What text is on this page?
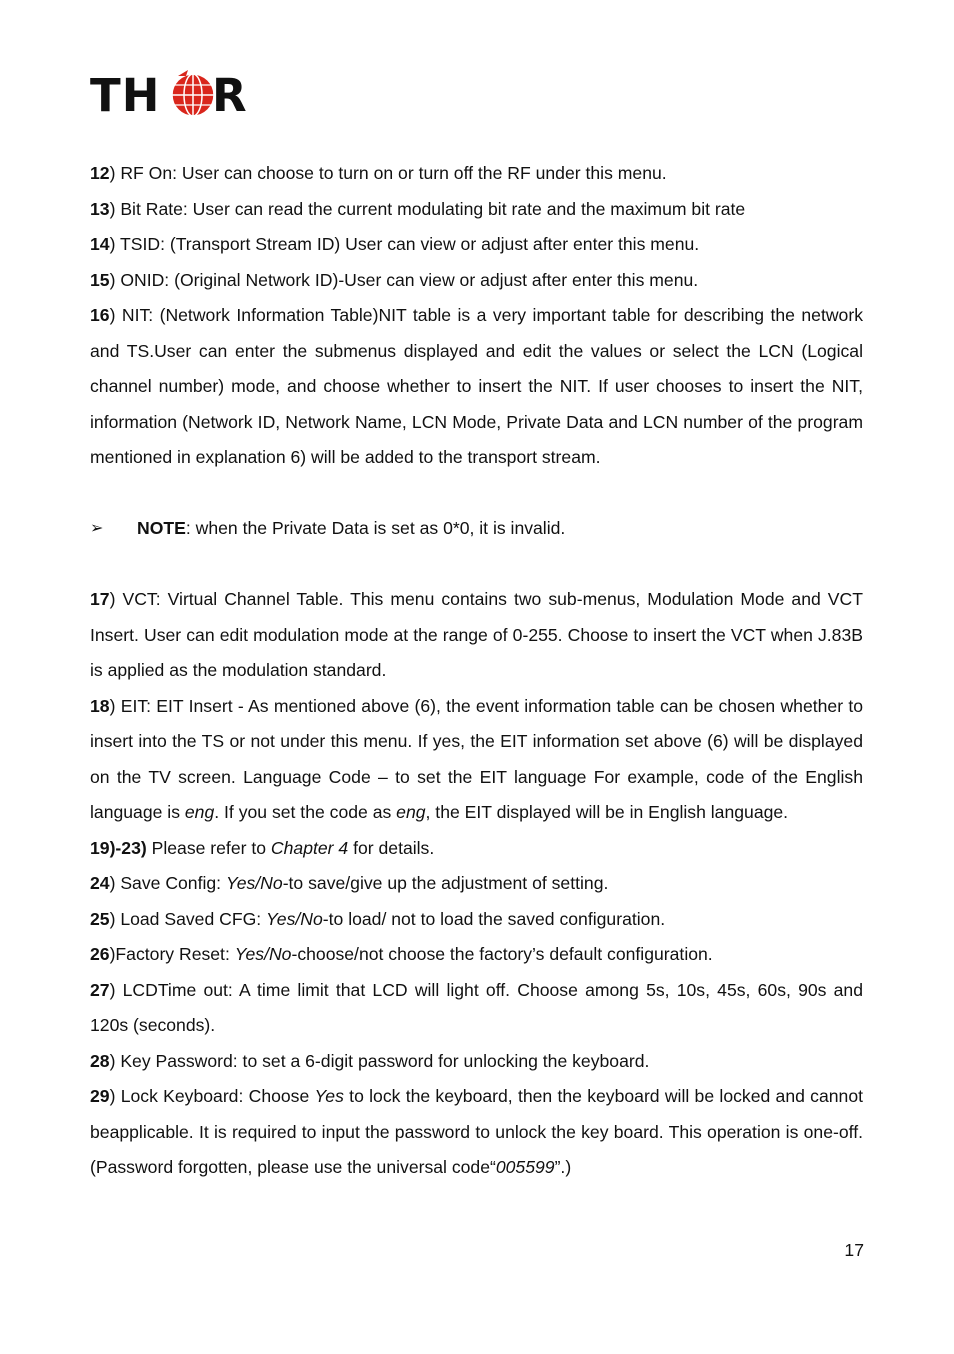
TH R

12) RF On: User can choose to turn on or turn off the RF under this menu.

13) Bit Rate: User can read the current modulating bit rate and the maximum bit rate

14) TSID: (Transport Stream ID) User can view or adjust after enter this menu.

15) ONID: (Original Network ID)-User can view or adjust after enter this menu.

16) NIT: (Network Information Table)NIT table is a very important table for describing the network and TS.User can enter the submenus displayed and edit the values or select the LCN (Logical channel number) mode, and choose whether to insert the NIT. If user chooses to insert the NIT, information (Network ID, Network Name, LCN Mode, Private Data and LCN number of the program mentioned in explanation 6) will be added to the transport stream.

➢ NOTE: when the Private Data is set as 0*0, it is invalid.

17) VCT: Virtual Channel Table. This menu contains two sub-menus, Modulation Mode and VCT Insert. User can edit modulation mode at the range of 0-255. Choose to insert the VCT when J.83B is applied as the modulation standard.

18) EIT: EIT Insert - As mentioned above (6), the event information table can be chosen whether to insert into the TS or not under this menu. If yes, the EIT information set above (6) will be displayed on the TV screen. Language Code – to set the EIT language For example, code of the English language is eng. If you set the code as eng, the EIT displayed will be in English language.

19)-23) Please refer to Chapter 4 for details.

24) Save Config: Yes/No-to save/give up the adjustment of setting.

25) Load Saved CFG: Yes/No-to load/ not to load the saved configuration.

26)Factory Reset: Yes/No-choose/not choose the factory’s default configuration.

27) LCDTime out: A time limit that LCD will light off. Choose among 5s, 10s, 45s, 60s, 90s and 120s (seconds).

28) Key Password: to set a 6-digit password for unlocking the keyboard.

29) Lock Keyboard: Choose Yes to lock the keyboard, then the keyboard will be locked and cannot beapplicable. It is required to input the password to unlock the key board. This operation is one-off. (Password forgotten, please use the universal code“005599”.)

17
